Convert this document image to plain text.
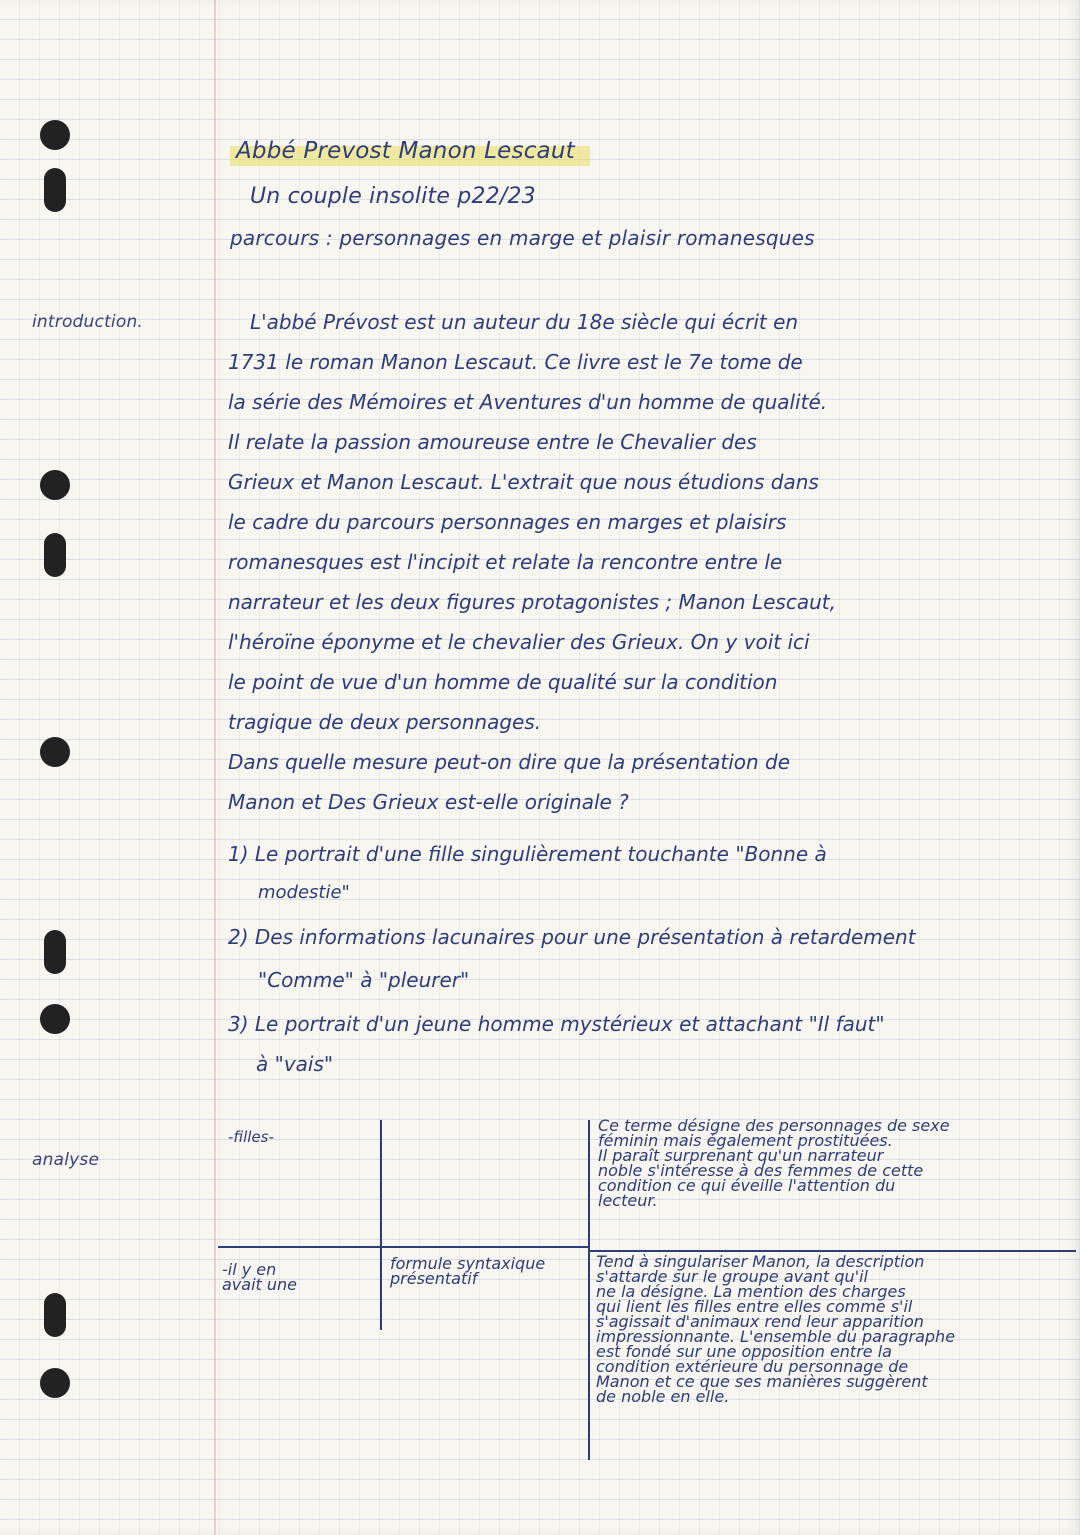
Abbé Prevost Manon Lescaut
Un couple insolite p22/23
parcours : personnages en marge et plaisir romanesques
introduction.
analyse
L'abbé Prévost est un auteur du 18e siècle qui écrit en
1731 le roman Manon Lescaut. Ce livre est le 7e tome de
la série des Mémoires et Aventures d'un homme de qualité.
Il relate la passion amoureuse entre le Chevalier des
Grieux et Manon Lescaut. L'extrait que nous étudions dans
le cadre du parcours personnages en marges et plaisirs
romanesques est l'incipit et relate la rencontre entre le
narrateur et les deux figures protagonistes ; Manon Lescaut,
l'héroïne éponyme et le chevalier des Grieux. On y voit ici
le point de vue d'un homme de qualité sur la condition
tragique de deux personnages.
Dans quelle mesure peut-on dire que la présentation de
Manon et Des Grieux est-elle originale ?
1) Le portrait d'une fille singulièrement touchante "Bonne à
modestie"
2) Des informations lacunaires pour une présentation à retardement
"Comme" à "pleurer"
3) Le portrait d'un jeune homme mystérieux et attachant "Il faut"
à "vais"
-filles-
Ce terme désigne des personnages de sexe
féminin mais également prostituées.
Il paraît surprenant qu'un narrateur
noble s'intéresse à des femmes de cette
condition ce qui éveille l'attention du
lecteur.
-il y en
avait une
formule syntaxique
présentatif
Tend à singulariser Manon, la description
s'attarde sur le groupe avant qu'il
ne la désigne. La mention des charges
qui lient les filles entre elles comme s'il
s'agissait d'animaux rend leur apparition
impressionnante. L'ensemble du paragraphe
est fondé sur une opposition entre la
condition extérieure du personnage de
Manon et ce que ses manières suggèrent
de noble en elle.
